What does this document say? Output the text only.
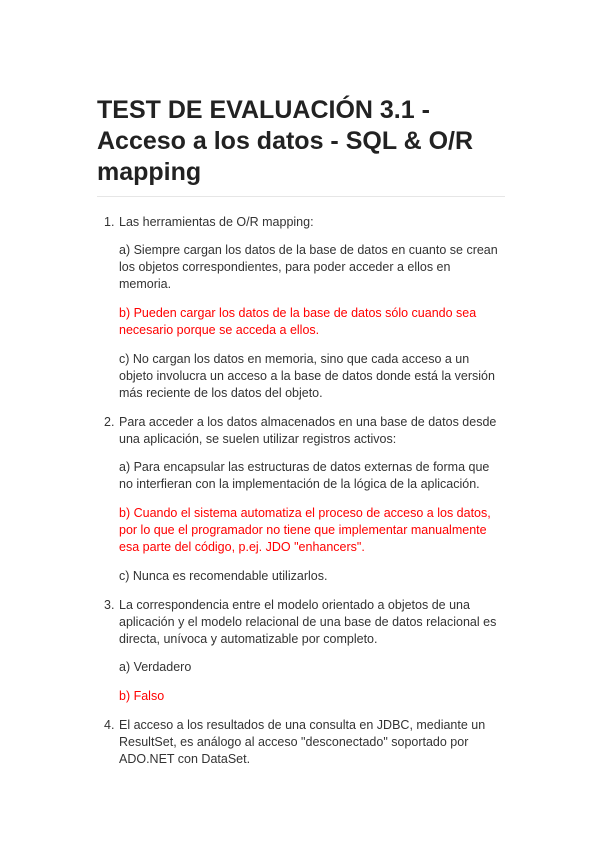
TEST DE EVALUACIÓN 3.1 - Acceso a los datos - SQL & O/R mapping
1. Las herramientas de O/R mapping:

a) Siempre cargan los datos de la base de datos en cuanto se crean los objetos correspondientes, para poder acceder a ellos en memoria.

b) Pueden cargar los datos de la base de datos sólo cuando sea necesario porque se acceda a ellos.

c) No cargan los datos en memoria, sino que cada acceso a un objeto involucra un acceso a la base de datos donde está la versión más reciente de los datos del objeto.

2. Para acceder a los datos almacenados en una base de datos desde una aplicación, se suelen utilizar registros activos:

a) Para encapsular las estructuras de datos externas de forma que no interfieran con la implementación de la lógica de la aplicación.

b) Cuando el sistema automatiza el proceso de acceso a los datos, por lo que el programador no tiene que implementar manualmente esa parte del código, p.ej. JDO "enhancers".

c) Nunca es recomendable utilizarlos.

3. La correspondencia entre el modelo orientado a objetos de una aplicación y el modelo relacional de una base de datos relacional es directa, unívoca y automatizable por completo.

a) Verdadero

b) Falso

4. El acceso a los resultados de una consulta en JDBC, mediante un ResultSet, es análogo al acceso "desconectado" soportado por ADO.NET con DataSet.
